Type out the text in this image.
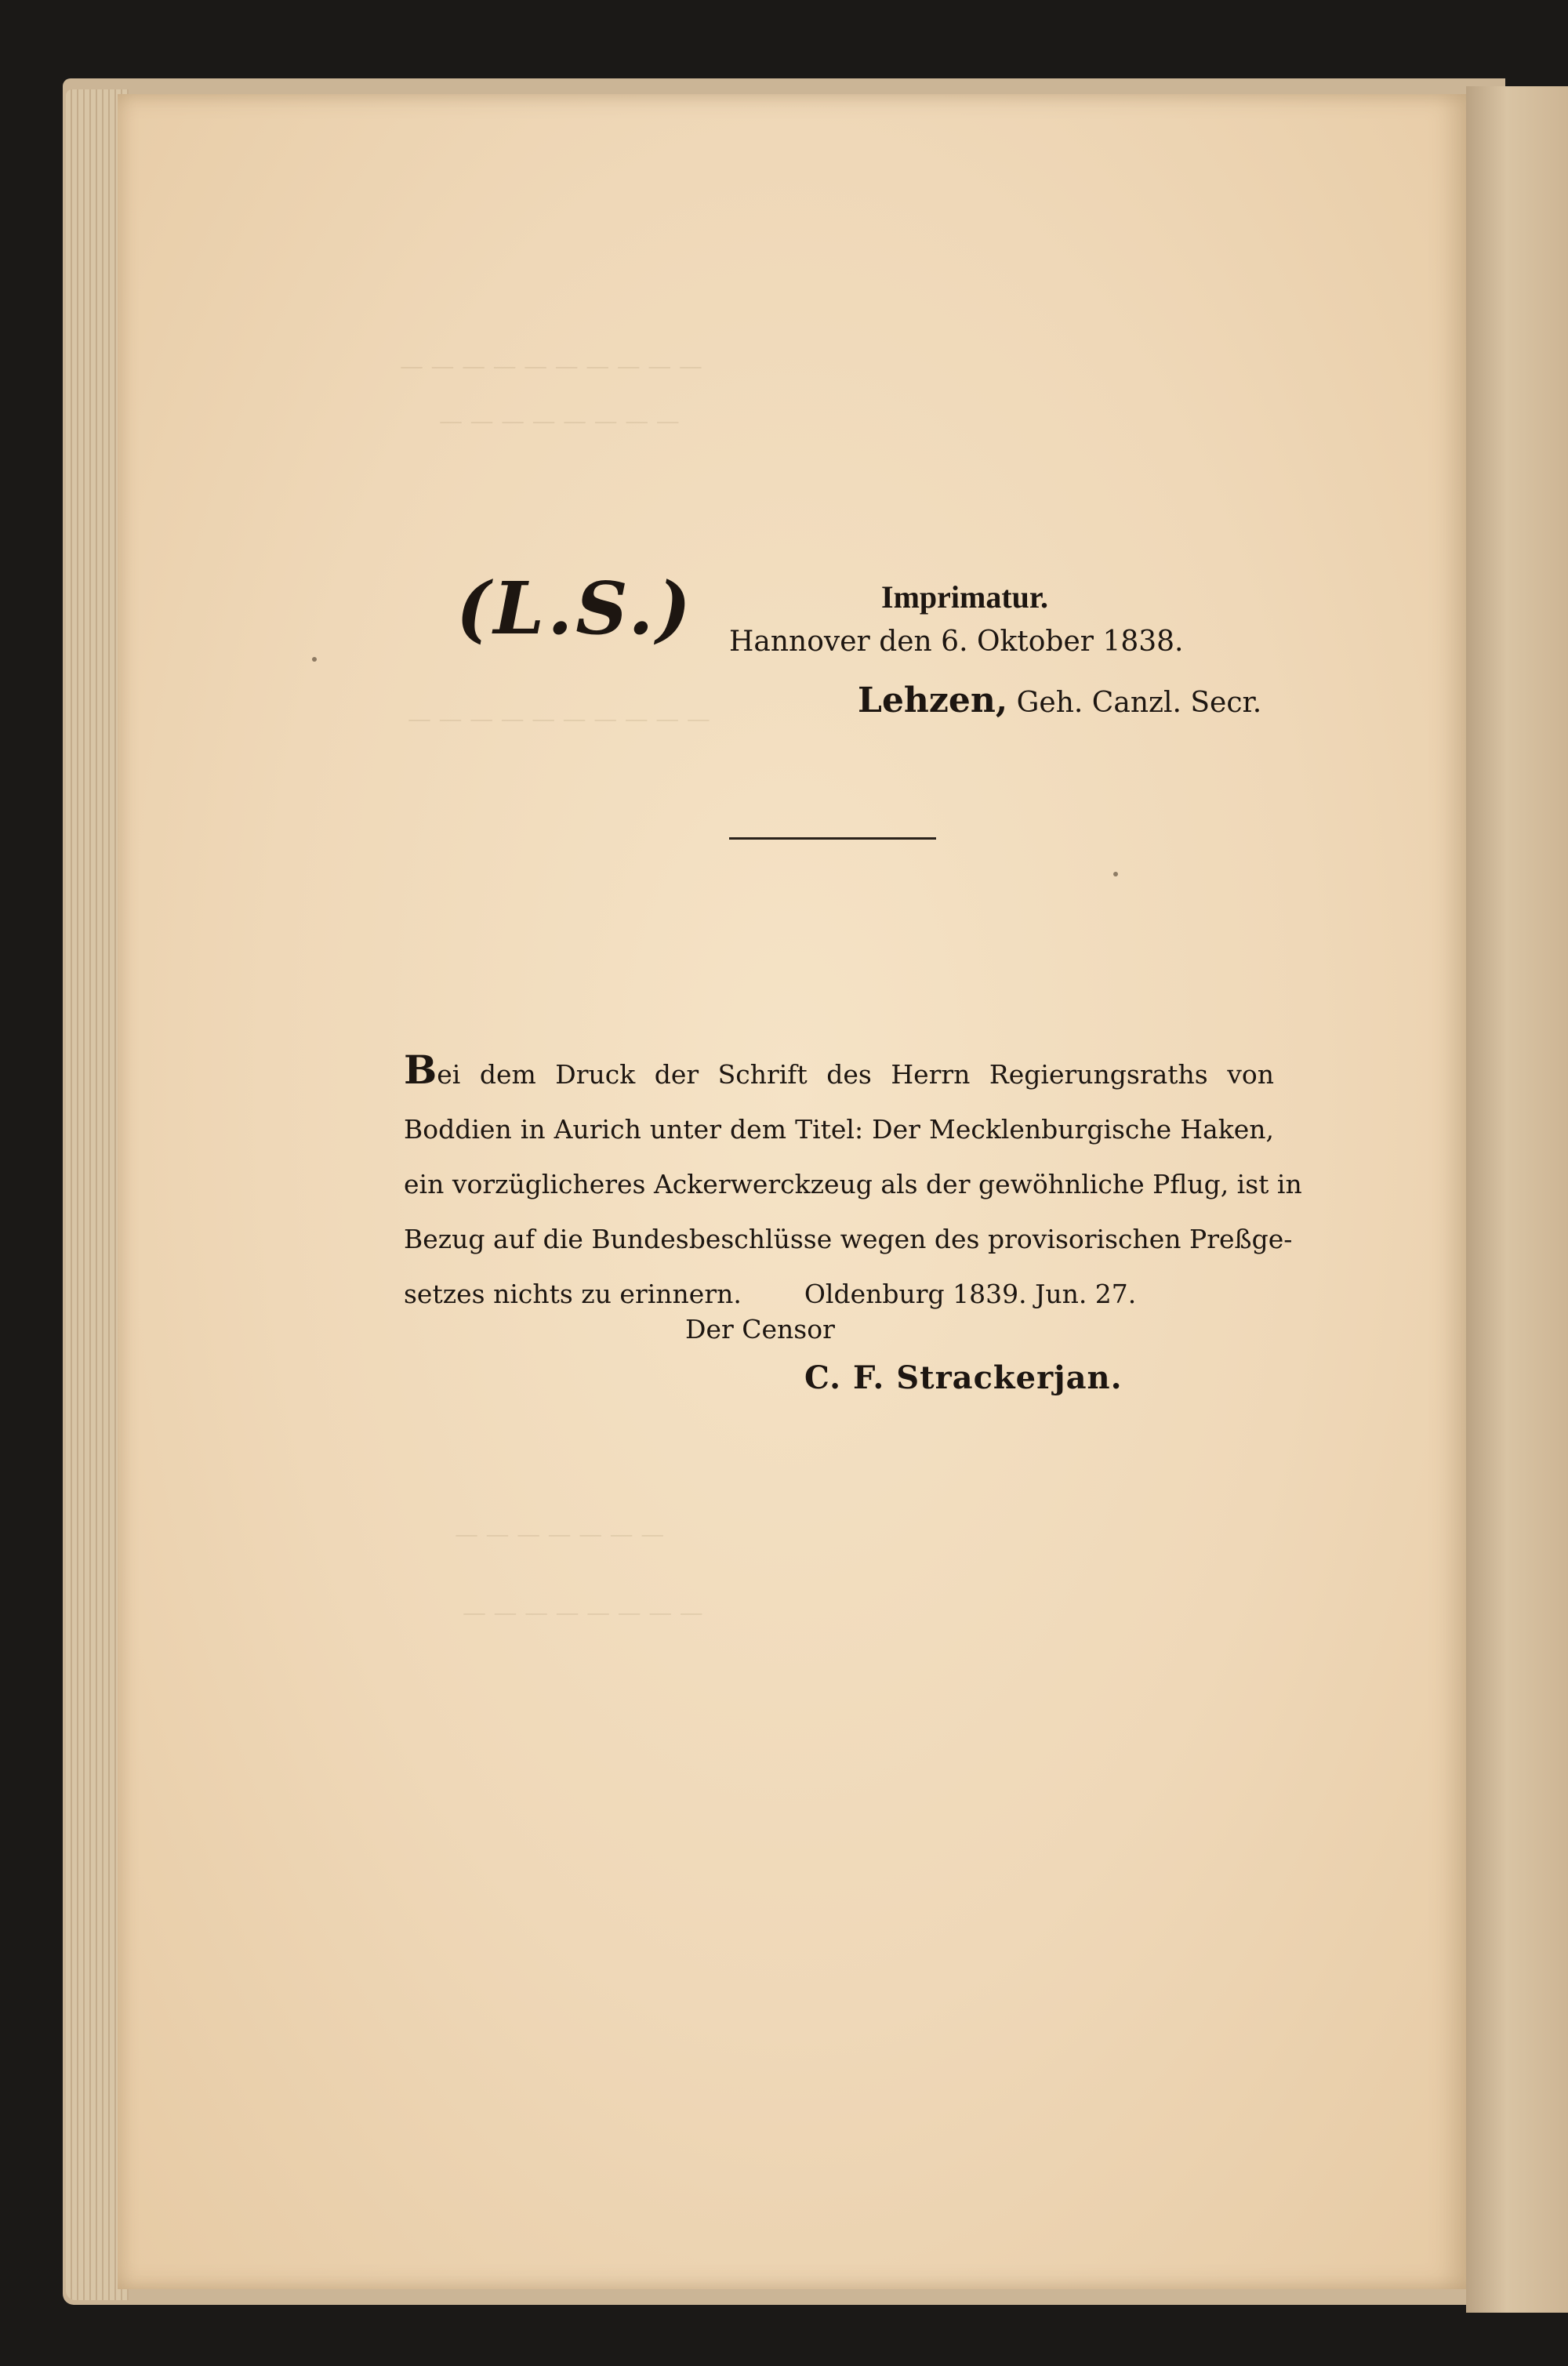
— — — — — — — — — —
— — — — — — — —
— — — — — — — — — —
— — — — — — —
— — — — — — — —
(L.S.)	Imprimatur.
Hannover den 6. Oktober 1838.
Lehzen, Geh. Canzl. Secr.
Bei dem Druck der Schrift des Herrn Regierungsraths von
Boddien in Aurich unter dem Titel: Der Mecklenburgische Haken,
ein vorzüglicheres Ackerwerckzeug als der gewöhnliche Pflug, ist in
Bezug auf die Bundesbeschlüsse wegen des provisorischen Preßge-
setzes nichts zu erinnern. Oldenburg 1839. Jun. 27.
Der Censor
C. F. Strackerjan.
